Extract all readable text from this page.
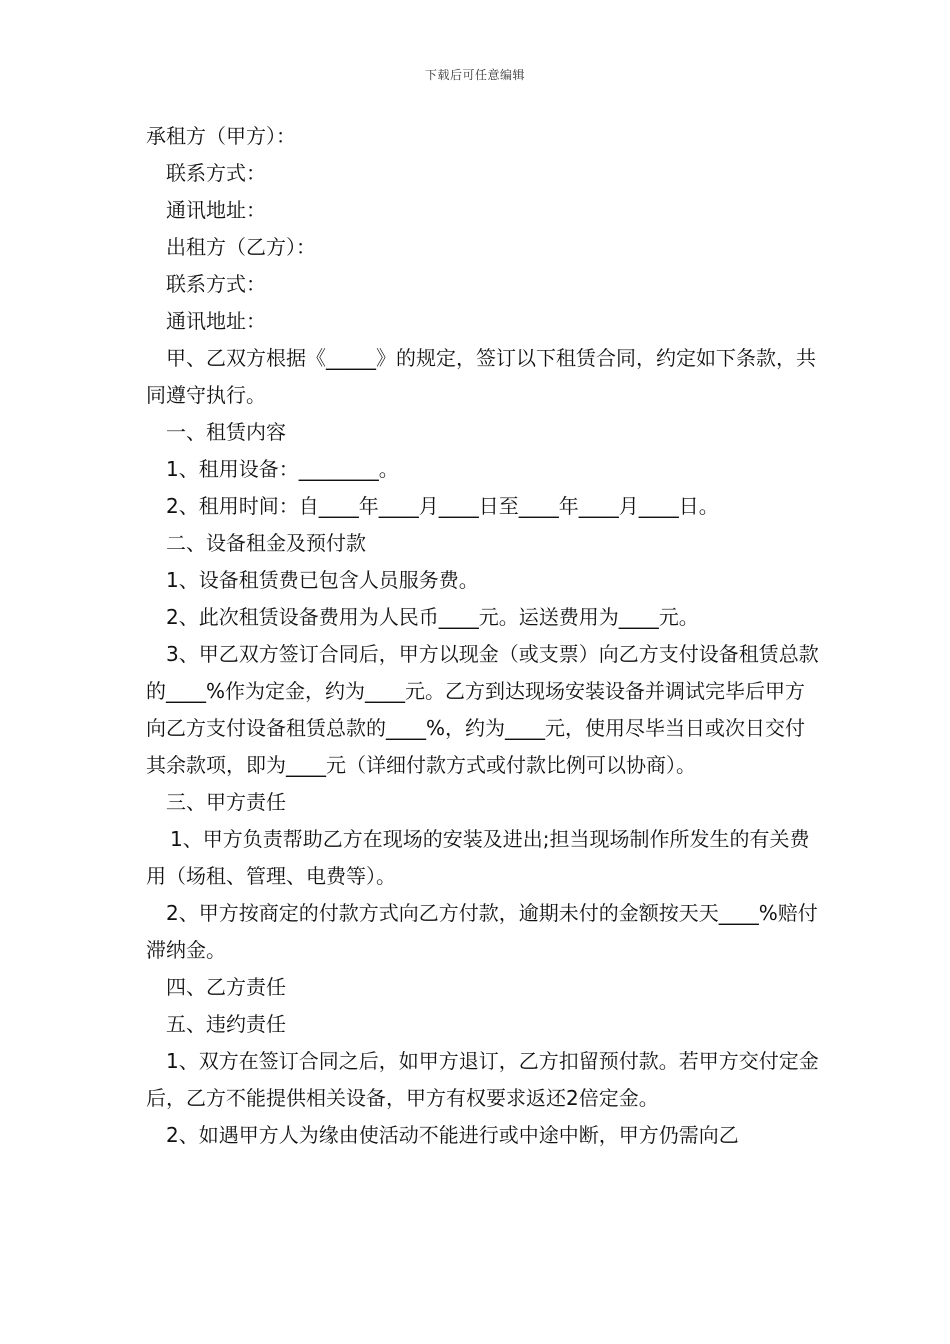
下载后可任意编辑

承租方（甲方）：

联系方式：

通讯地址：

出租方（乙方）：

联系方式：

通讯地址：

甲、乙双方根据《_____》的规定，签订以下租赁合同，约定如下条款，共同遵守执行。

一、租赁内容

1、租用设备：________。

2、租用时间：自____年____月____日至____年____月____日。

二、设备租金及预付款

1、设备租赁费已包含人员服务费。

2、此次租赁设备费用为人民币____元。运送费用为____元。

3、甲乙双方签订合同后，甲方以现金（或支票）向乙方支付设备租赁总款的____%作为定金，约为____元。乙方到达现场安装设备并调试完毕后甲方向乙方支付设备租赁总款的____%，约为____元，使用尽毕当日或次日交付其余款项，即为____元（详细付款方式或付款比例可以协商）。

三、甲方责任

1、甲方负责帮助乙方在现场的安装及进出;担当现场制作所发生的有关费用（场租、管理、电费等）。

2、甲方按商定的付款方式向乙方付款，逾期未付的金额按天天____%赔付滞纳金。

四、乙方责任

五、违约责任

1、双方在签订合同之后，如甲方退订，乙方扣留预付款。若甲方交付定金后，乙方不能提供相关设备，甲方有权要求返还2倍定金。

2、如遇甲方人为缘由使活动不能进行或中途中断，甲方仍需向乙
